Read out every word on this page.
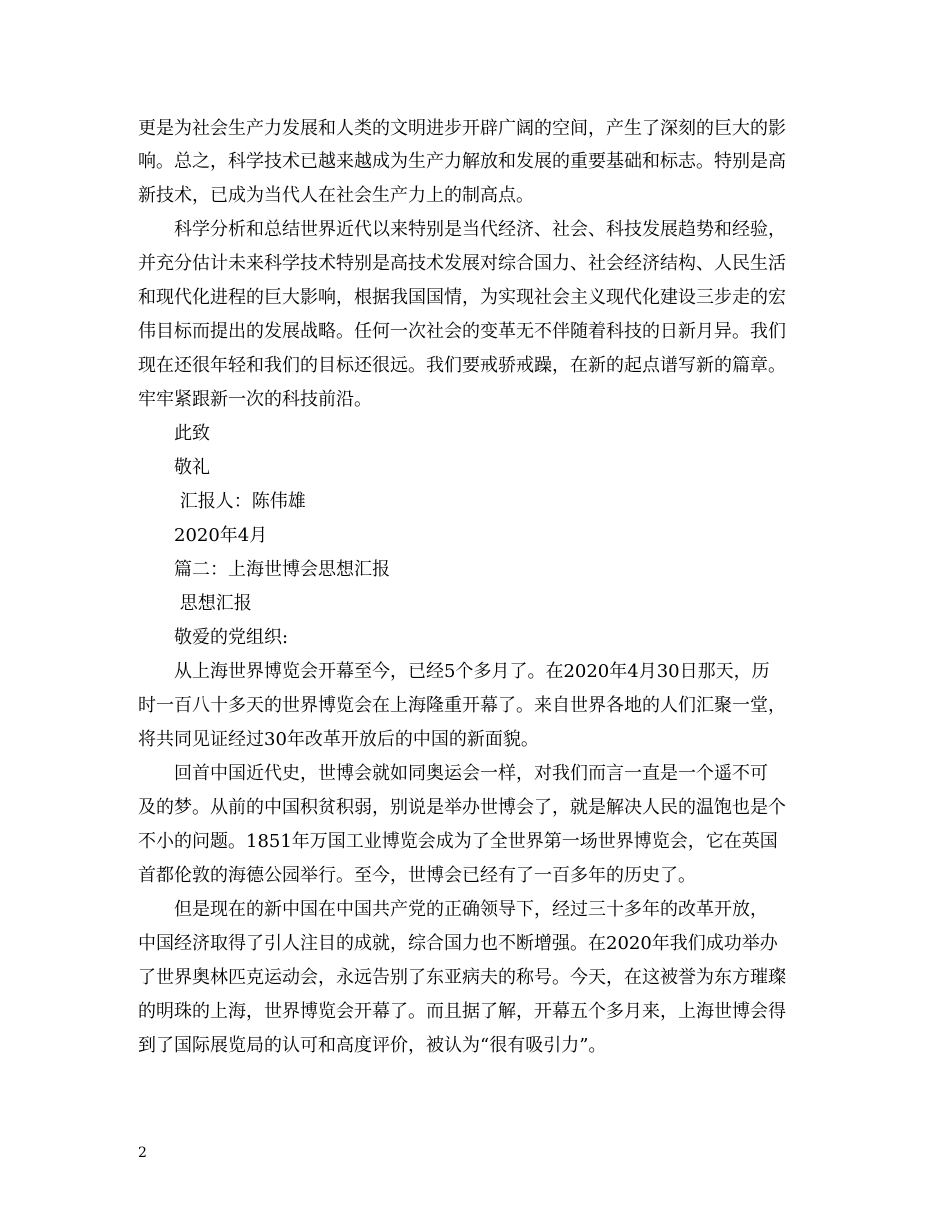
更是为社会生产力发展和人类的文明进步开辟广阔的空间，产生了深刻的巨大的影
响。总之，科学技术已越来越成为生产力解放和发展的重要基础和标志。特别是高
新技术，已成为当代人在社会生产力上的制高点。
　　科学分析和总结世界近代以来特别是当代经济、社会、科技发展趋势和经验，
并充分估计未来科学技术特别是高技术发展对综合国力、社会经济结构、人民生活
和现代化进程的巨大影响，根据我国国情，为实现社会主义现代化建设三步走的宏
伟目标而提出的发展战略。任何一次社会的变革无不伴随着科技的日新月异。我们
现在还很年轻和我们的目标还很远。我们要戒骄戒躁，在新的起点谱写新的篇章。
牢牢紧跟新一次的科技前沿。
　　此致
　　敬礼
　　 汇报人：陈伟雄
　　2020年4月
　　篇二：上海世博会思想汇报
　　 思想汇报
　　敬爱的党组织:
　　从上海世界博览会开幕至今，已经5个多月了。在2020年4月30日那天，历
时一百八十多天的世界博览会在上海隆重开幕了。来自世界各地的人们汇聚一堂，
将共同见证经过30年改革开放后的中国的新面貌。
　　回首中国近代史，世博会就如同奥运会一样，对我们而言一直是一个遥不可
及的梦。从前的中国积贫积弱，别说是举办世博会了，就是解决人民的温饱也是个
不小的问题。1851年万国工业博览会成为了全世界第一场世界博览会，它在英国
首都伦敦的海德公园举行。至今，世博会已经有了一百多年的历史了。
　　但是现在的新中国在中国共产党的正确领导下，经过三十多年的改革开放，
中国经济取得了引人注目的成就，综合国力也不断增强。在2020年我们成功举办
了世界奥林匹克运动会，永远告别了东亚病夫的称号。今天，在这被誉为东方璀璨
的明珠的上海，世界博览会开幕了。而且据了解，开幕五个多月来，上海世博会得
到了国际展览局的认可和高度评价，被认为“很有吸引力”。
2
